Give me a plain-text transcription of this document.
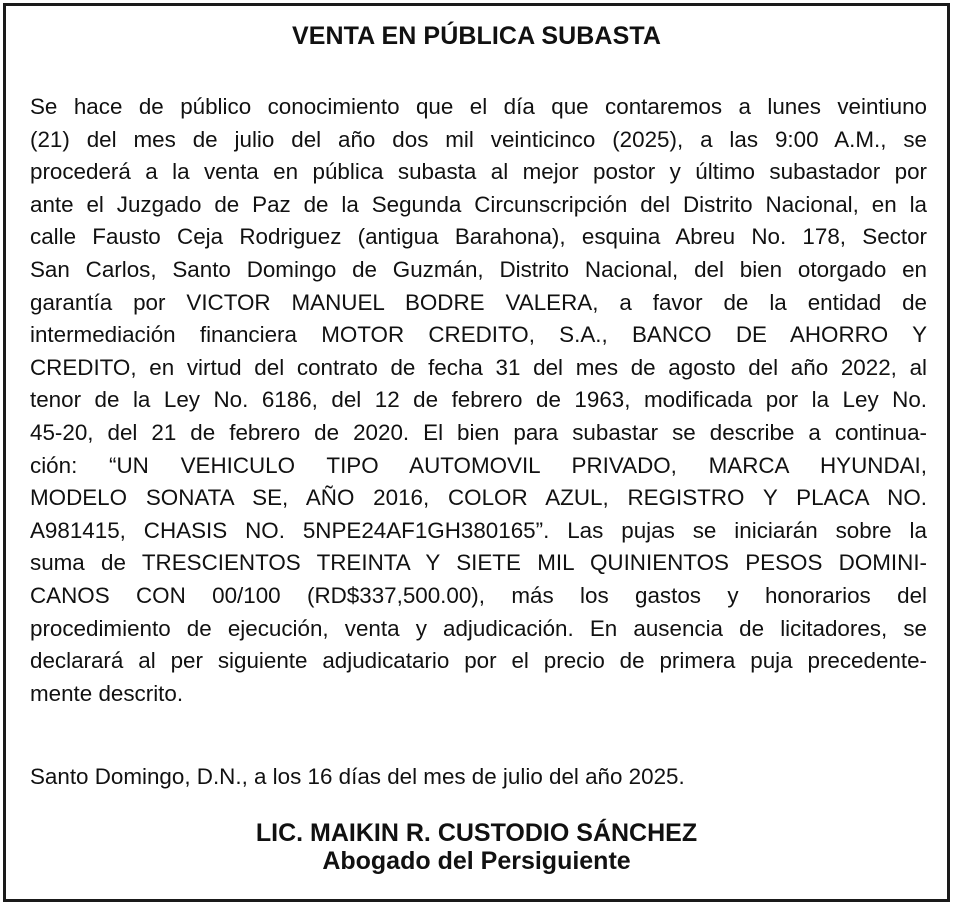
VENTA EN PÚBLICA SUBASTA
Se hace de público conocimiento que el día que contaremos a lunes veintiuno
(21) del mes de julio del año dos mil veinticinco (2025), a las 9:00 A.M., se
procederá a la venta en pública subasta al mejor postor y último subastador por
ante el Juzgado de Paz de la Segunda Circunscripción del Distrito Nacional, en la
calle Fausto Ceja Rodriguez (antigua Barahona), esquina Abreu No. 178, Sector
San Carlos, Santo Domingo de Guzmán, Distrito Nacional, del bien otorgado en
garantía por VICTOR MANUEL BODRE VALERA, a favor de la entidad de
intermediación financiera MOTOR CREDITO, S.A., BANCO DE AHORRO Y
CREDITO, en virtud del contrato de fecha 31 del mes de agosto del año 2022, al
tenor de la Ley No. 6186, del 12 de febrero de 1963, modificada por la Ley No.
45-20, del 21 de febrero de 2020. El bien para subastar se describe a continua-
ción: “UN VEHICULO TIPO AUTOMOVIL PRIVADO, MARCA HYUNDAI,
MODELO SONATA SE, AÑO 2016, COLOR AZUL, REGISTRO Y PLACA NO.
A981415, CHASIS NO. 5NPE24AF1GH380165”. Las pujas se iniciarán sobre la
suma de TRESCIENTOS TREINTA Y SIETE MIL QUINIENTOS PESOS DOMINI-
CANOS CON 00/100 (RD$337,500.00), más los gastos y honorarios del
procedimiento de ejecución, venta y adjudicación. En ausencia de licitadores, se
declarará al per siguiente adjudicatario por el precio de primera puja precedente-
mente descrito.
Santo Domingo, D.N., a los 16 días del mes de julio del año 2025.
LIC. MAIKIN R. CUSTODIO SÁNCHEZ
Abogado del Persiguiente
